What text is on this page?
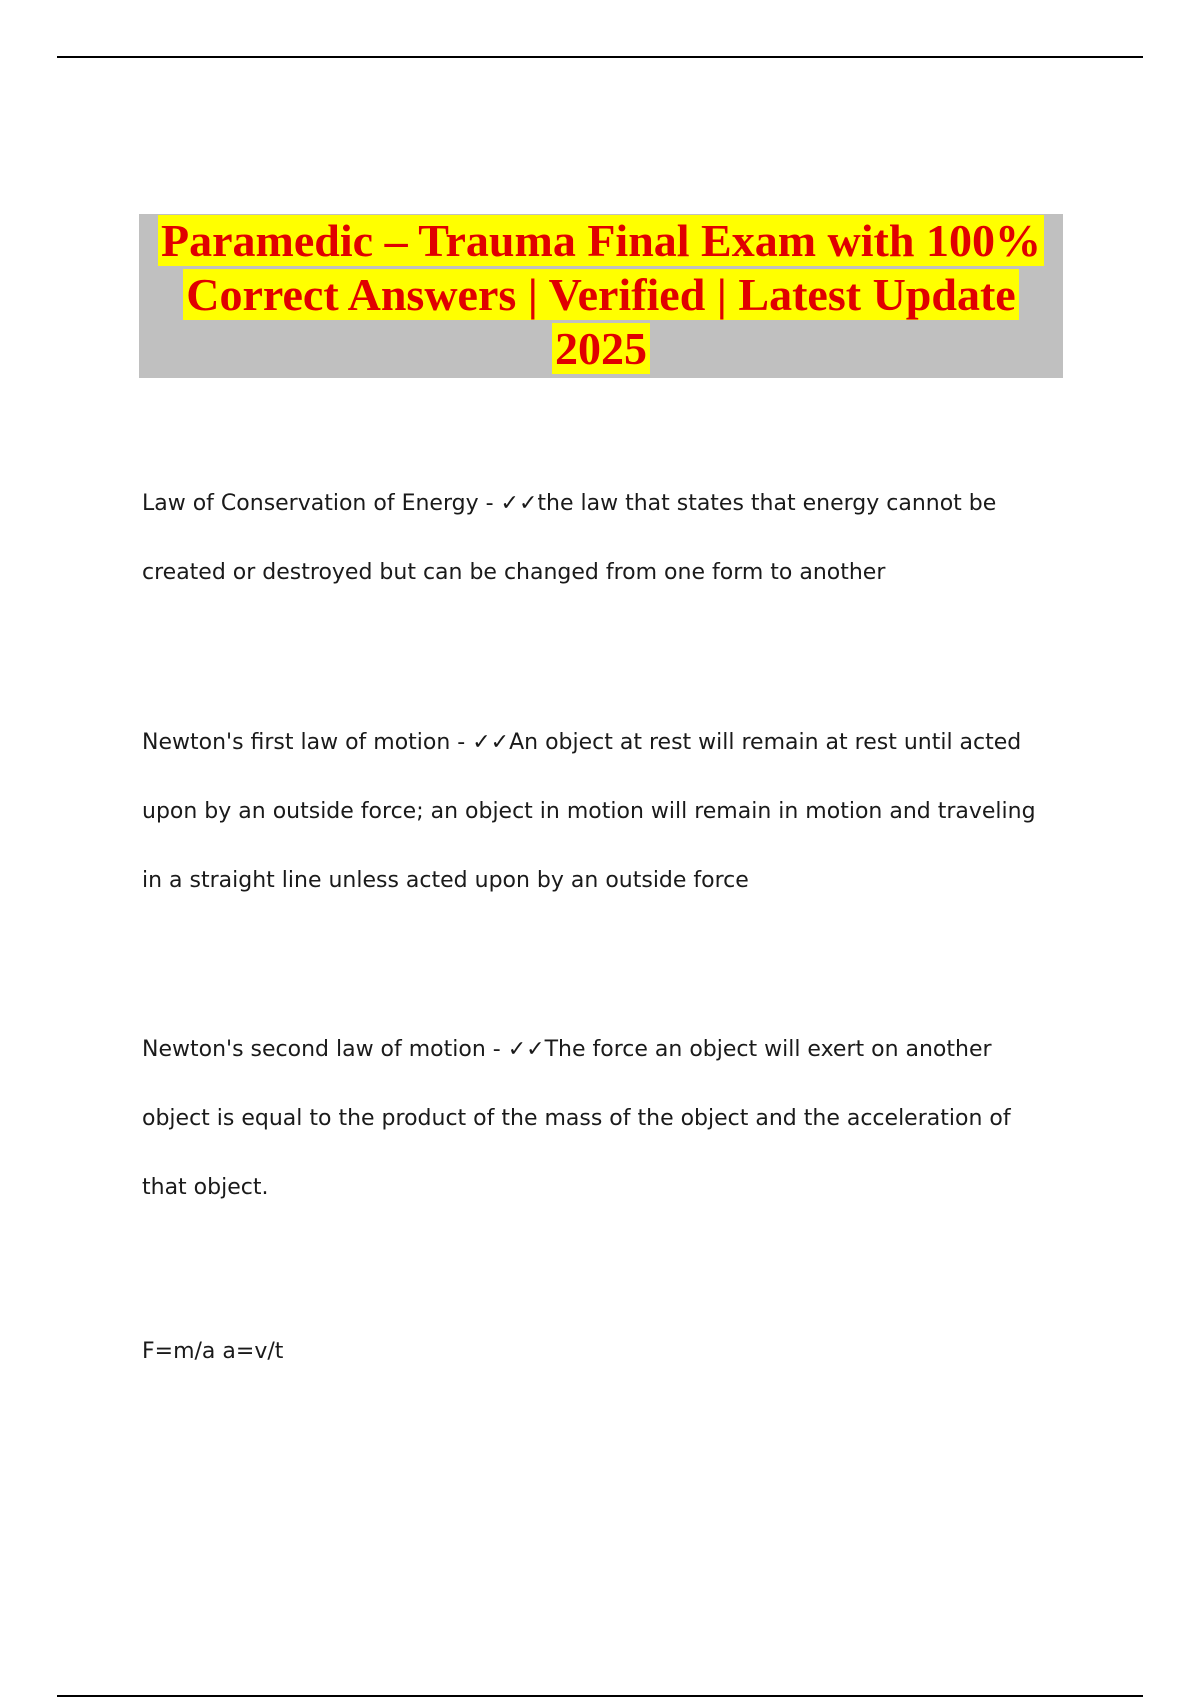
Paramedic – Trauma Final Exam with 100% Correct Answers | Verified | Latest Update 2025

Law of Conservation of Energy - ✓✓the law that states that energy cannot be created or destroyed but can be changed from one form to another

Newton's first law of motion - ✓✓An object at rest will remain at rest until acted upon by an outside force; an object in motion will remain in motion and traveling in a straight line unless acted upon by an outside force

Newton's second law of motion - ✓✓The force an object will exert on another object is equal to the product of the mass of the object and the acceleration of that object.

F=m/a a=v/t
